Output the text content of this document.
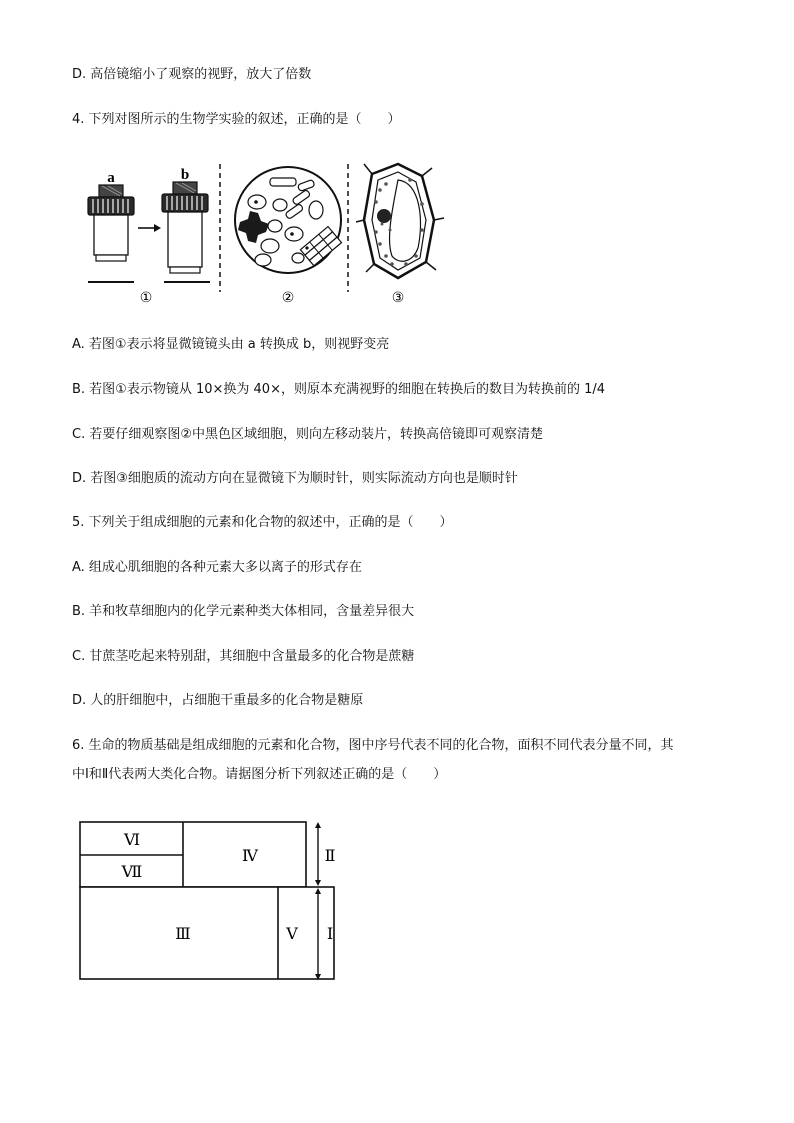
D. 高倍镜缩小了观察的视野，放大了倍数
4. 下列对图所示的生物学实验的叙述，正确的是（　　）
a	b
①	②	③
A. 若图①表示将显微镜镜头由 a 转换成 b，则视野变亮
B. 若图①表示物镜从 10×换为 40×，则原本充满视野的细胞在转换后的数目为转换前的 1/4
C. 若要仔细观察图②中黑色区域细胞，则向左移动装片，转换高倍镜即可观察清楚
D. 若图③细胞质的流动方向在显微镜下为顺时针，则实际流动方向也是顺时针
5. 下列关于组成细胞的元素和化合物的叙述中，正确的是（　　）
A. 组成心肌细胞的各种元素大多以离子的形式存在
B. 羊和牧草细胞内的化学元素种类大体相同，含量差异很大
C. 甘蔗茎吃起来特别甜，其细胞中含量最多的化合物是蔗糖
D. 人的肝细胞中，占细胞干重最多的化合物是糖原
6. 生命的物质基础是组成细胞的元素和化合物，图中序号代表不同的化合物，面积不同代表分量不同，其
中Ⅰ和Ⅱ代表两大类化合物。请据图分析下列叙述正确的是（　　）
Ⅵ
Ⅶ
Ⅳ
Ⅲ	Ⅴ
Ⅱ
Ⅰ
